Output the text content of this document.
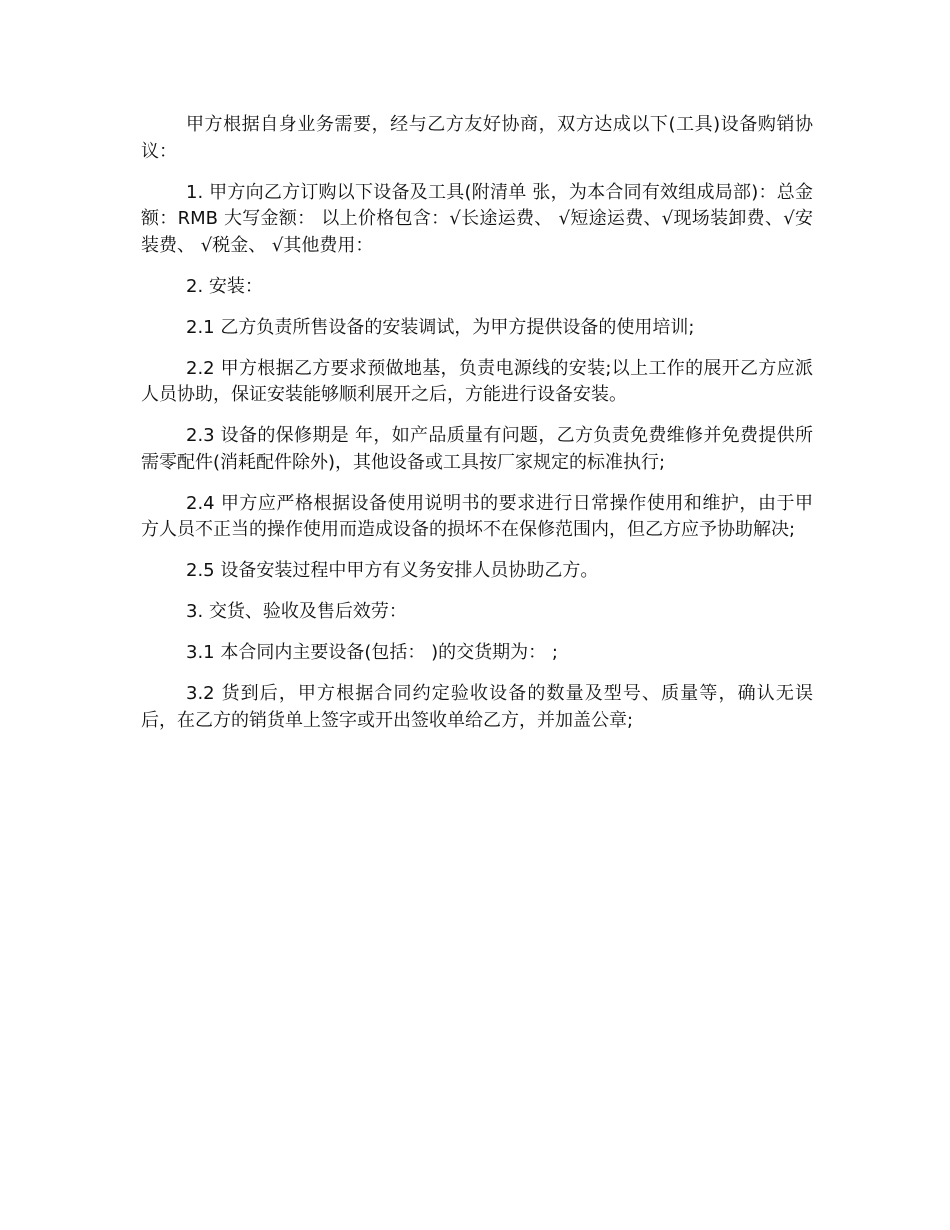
甲方根据自身业务需要，经与乙方友好协商，双方达成以下(工具)设备购销协议：

1. 甲方向乙方订购以下设备及工具(附清单 张，为本合同有效组成局部)：总金额：RMB 大写金额： 以上价格包含：√长途运费、 √短途运费、√现场装卸费、√安装费、 √税金、 √其他费用：

2. 安装：

2.1 乙方负责所售设备的安装调试，为甲方提供设备的使用培训;

2.2 甲方根据乙方要求预做地基，负责电源线的安装;以上工作的展开乙方应派人员协助，保证安装能够顺利展开之后，方能进行设备安装。

2.3 设备的保修期是 年，如产品质量有问题，乙方负责免费维修并免费提供所需零配件(消耗配件除外)，其他设备或工具按厂家规定的标准执行;

2.4 甲方应严格根据设备使用说明书的要求进行日常操作使用和维护，由于甲方人员不正当的操作使用而造成设备的损坏不在保修范围内，但乙方应予协助解决;

2.5 设备安装过程中甲方有义务安排人员协助乙方。

3. 交货、验收及售后效劳：

3.1 本合同内主要设备(包括： )的交货期为： ;

3.2 货到后，甲方根据合同约定验收设备的数量及型号、质量等，确认无误后，在乙方的销货单上签字或开出签收单给乙方，并加盖公章;
